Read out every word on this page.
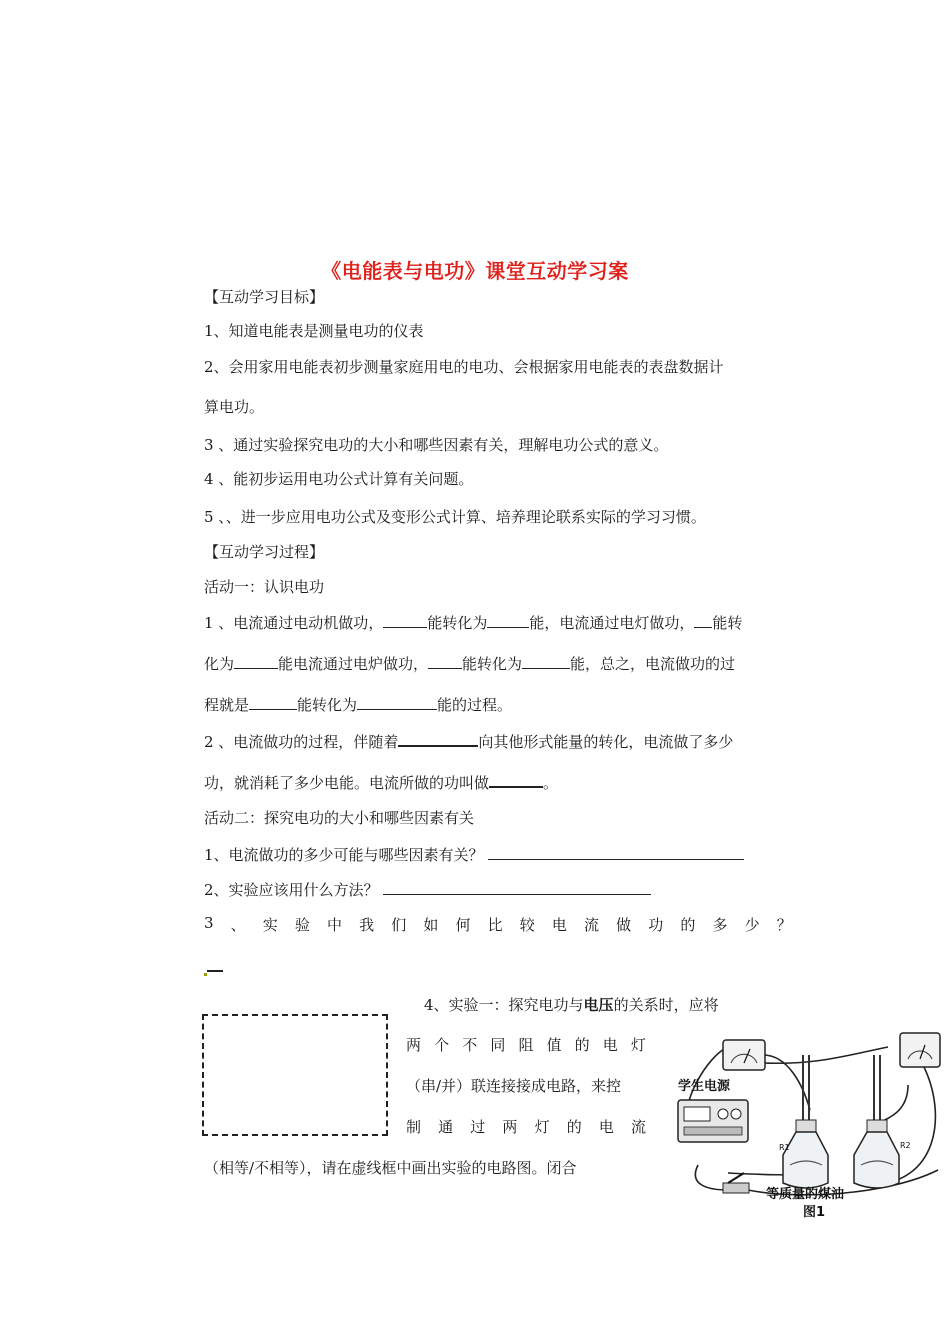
《电能表与电功》课堂互动学习案
【互动学习目标】
1、知道电能表是测量电功的仪表
2、会用家用电能表初步测量家庭用电的电功、会根据家用电能表的表盘数据计
算电功。
3 、通过实验探究电功的大小和哪些因素有关，理解电功公式的意义。
4 、能初步运用电功公式计算有关问题。
5 、、进一步应用电功公式及变形公式计算、培养理论联系实际的学习习惯。
【互动学习过程】
活动一：认识电功
1 、电流通过电动机做功，	能转化为	能，电流通过电灯做功， 能转
化为	能电流通过电炉做功， 能转化为	能，总之，电流做功的过
程就是	能转化为	能的过程。
2 、电流做功的过程，伴随着	向其他形式能量的转化，电流做了多少
功，就消耗了多少电能。电流所做的功叫做	。
活动二：探究电功的大小和哪些因素有关
1、电流做功的多少可能与哪些因素有关？
2、实验应该用什么方法？
3 、 实 验 中 我 们 如 何 比 较 电 流 做 功 的 多 少 ？
4、实验一：探究电功与电压的关系时，应将
两 个 不 同 阻 值 的 电 灯
（串/并）联连接接成电路，来控
制 通 过 两 灯 的 电 流
（相等/不相等），请在虚线框中画出实验的电路图。闭合
学生电源
R1	R2
等质量的煤油
图1
